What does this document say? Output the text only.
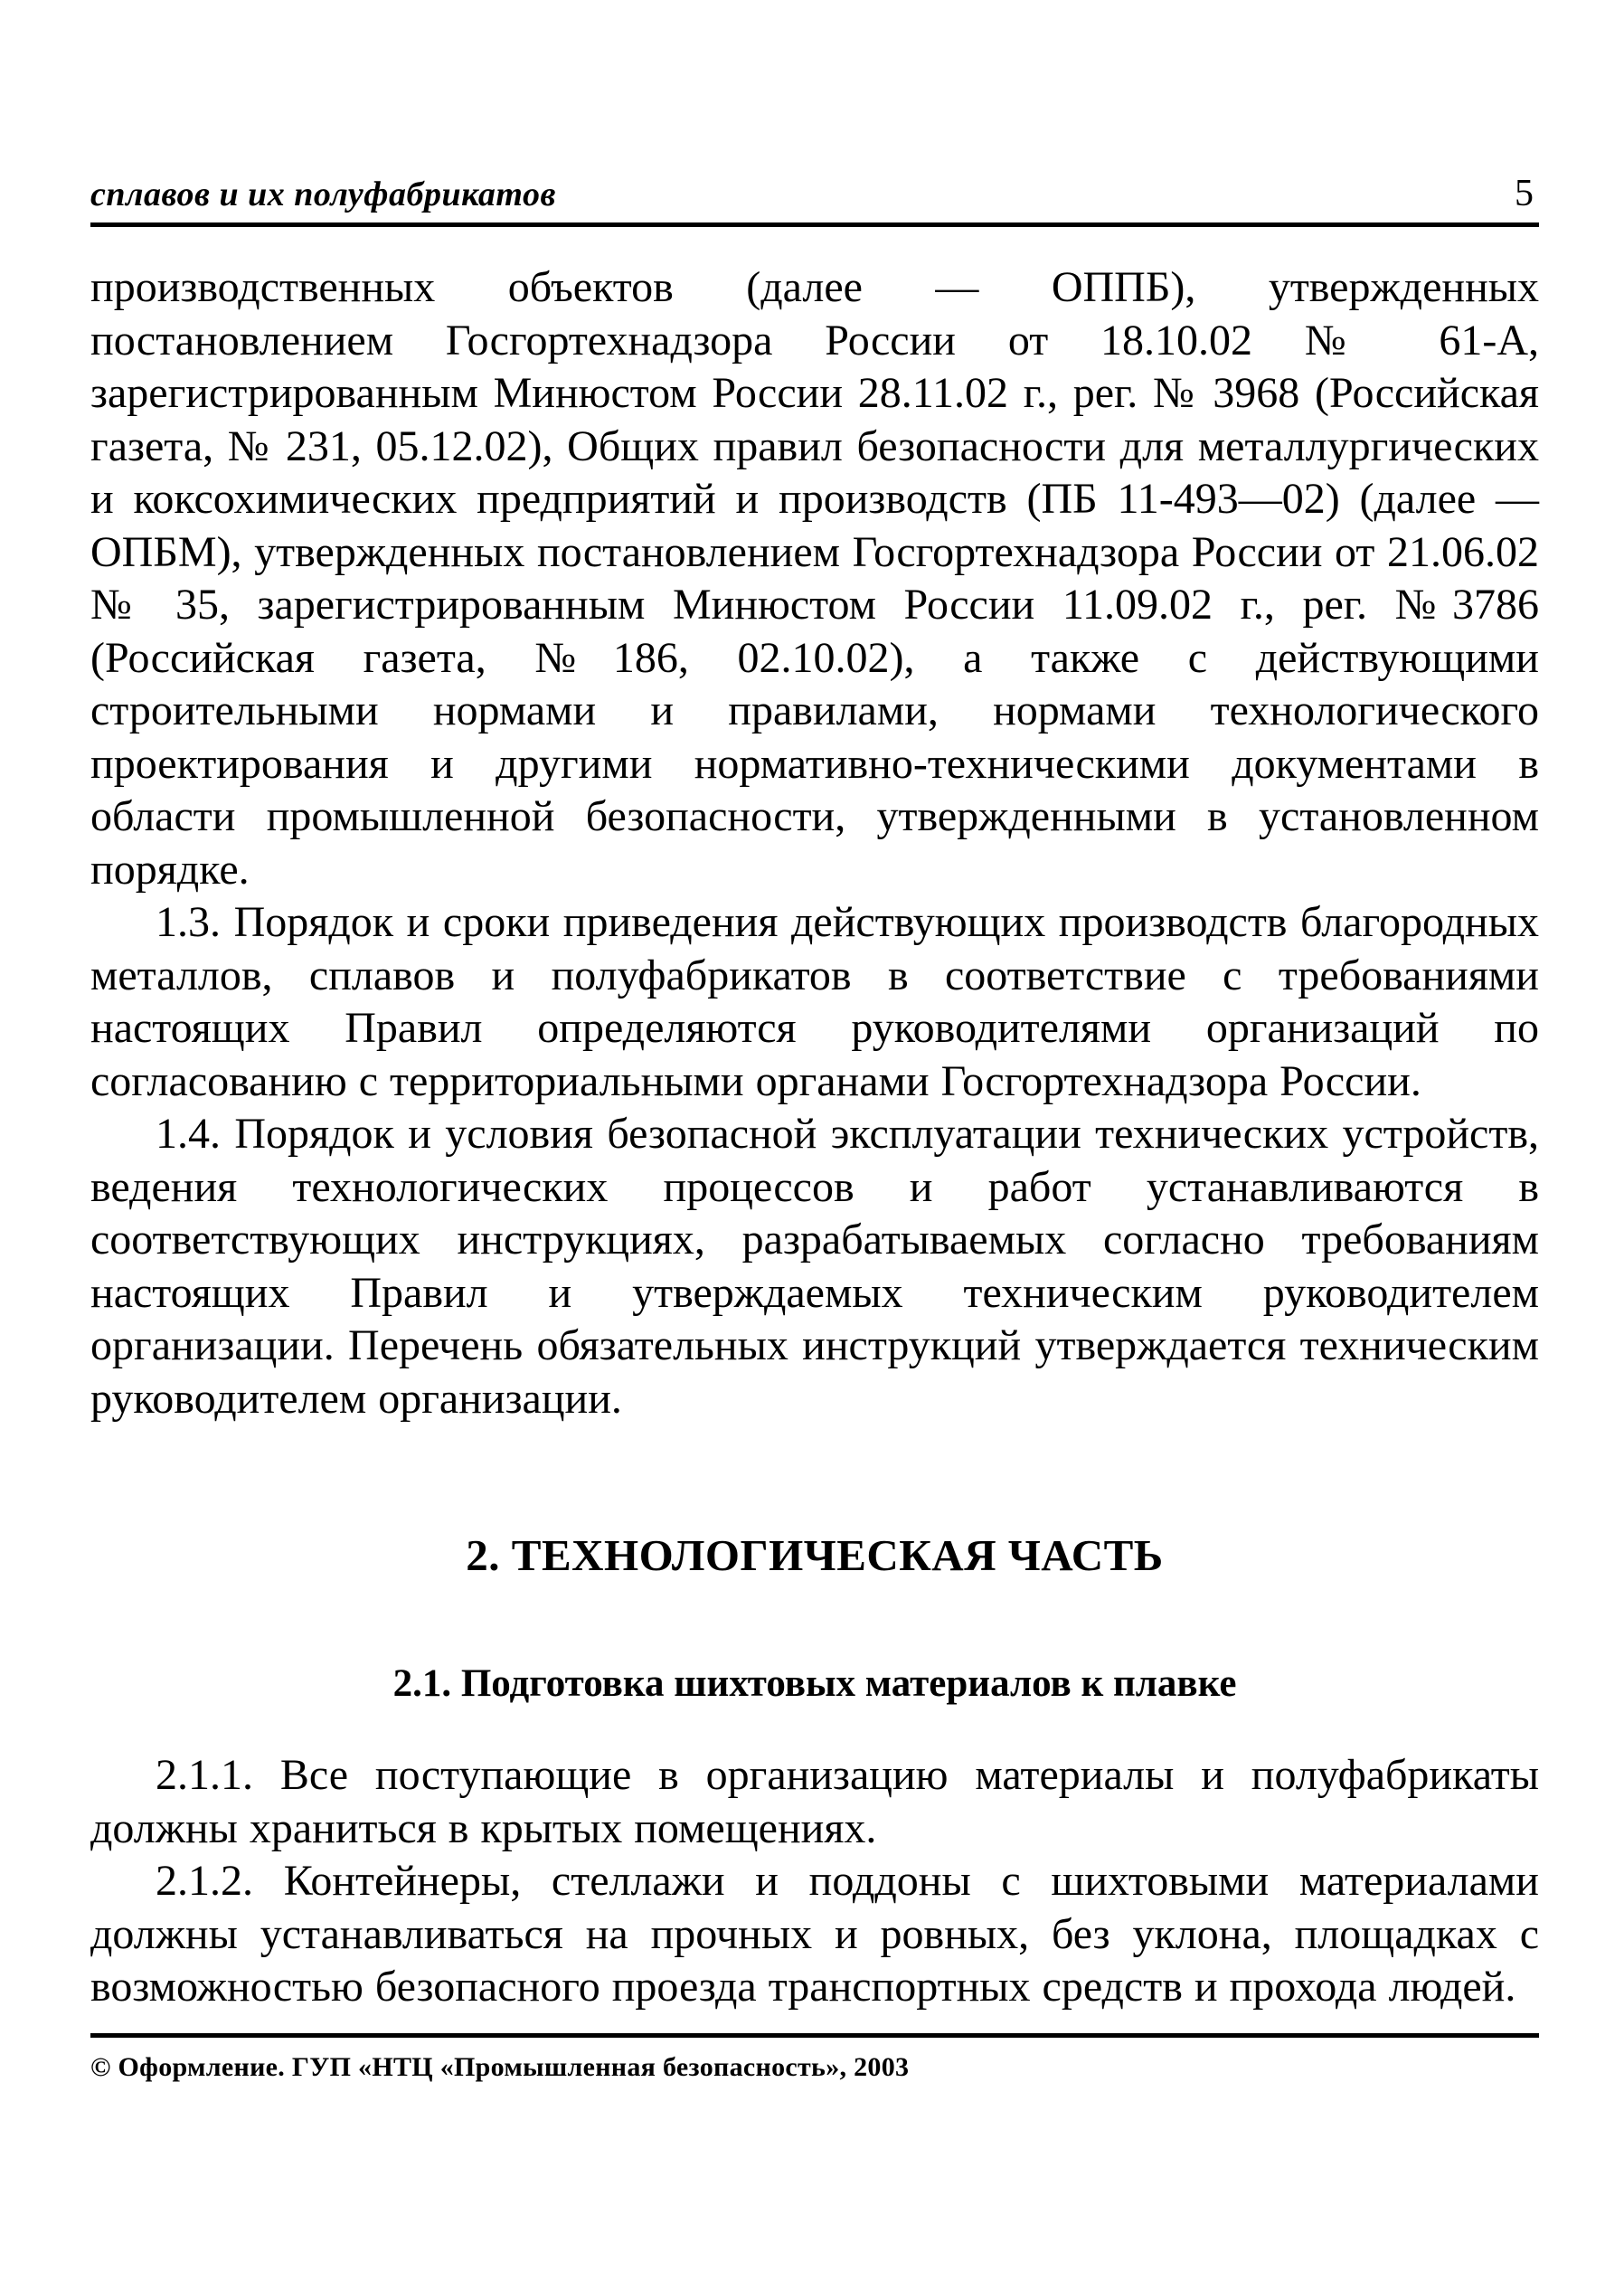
сплавов и их полуфабрикатов	5

производственных объектов (далее — ОППБ), утвержденных постановлением Госгортехнадзора России от 18.10.02 № 61-А, зарегистрированным Минюстом России 28.11.02 г., рег. № 3968 (Российская газета, № 231, 05.12.02), Общих правил безопасности для металлургических и коксохимических предприятий и производств (ПБ 11-493—02) (далее — ОПБМ), утвержденных постановлением Госгортехнадзора России от 21.06.02 № 35, зарегистрированным Минюстом России 11.09.02 г., рег. №3786 (Российская газета, №186, 02.10.02), а также с действующими строительными нормами и правилами, нормами технологического проектирования и другими нормативно-техническими документами в области промышленной безопасности, утвержденными в установленном порядке.

1.3. Порядок и сроки приведения действующих производств благородных металлов, сплавов и полуфабрикатов в соответствие с требованиями настоящих Правил определяются руководителями организаций по согласованию с территориальными органами Госгортехнадзора России.

1.4. Порядок и условия безопасной эксплуатации технических устройств, ведения технологических процессов и работ устанавливаются в соответствующих инструкциях, разрабатываемых согласно требованиям настоящих Правил и утверждаемых техническим руководителем организации. Перечень обязательных инструкций утверждается техническим руководителем организации.

2. ТЕХНОЛОГИЧЕСКАЯ ЧАСТЬ
2.1. Подготовка шихтовых материалов к плавке

2.1.1. Все поступающие в организацию материалы и полуфабрикаты должны храниться в крытых помещениях.

2.1.2. Контейнеры, стеллажи и поддоны с шихтовыми материалами должны устанавливаться на прочных и ровных, без уклона, площадках с возможностью безопасного проезда транспортных средств и прохода людей.

© Оформление. ГУП «НТЦ «Промышленная безопасность», 2003
